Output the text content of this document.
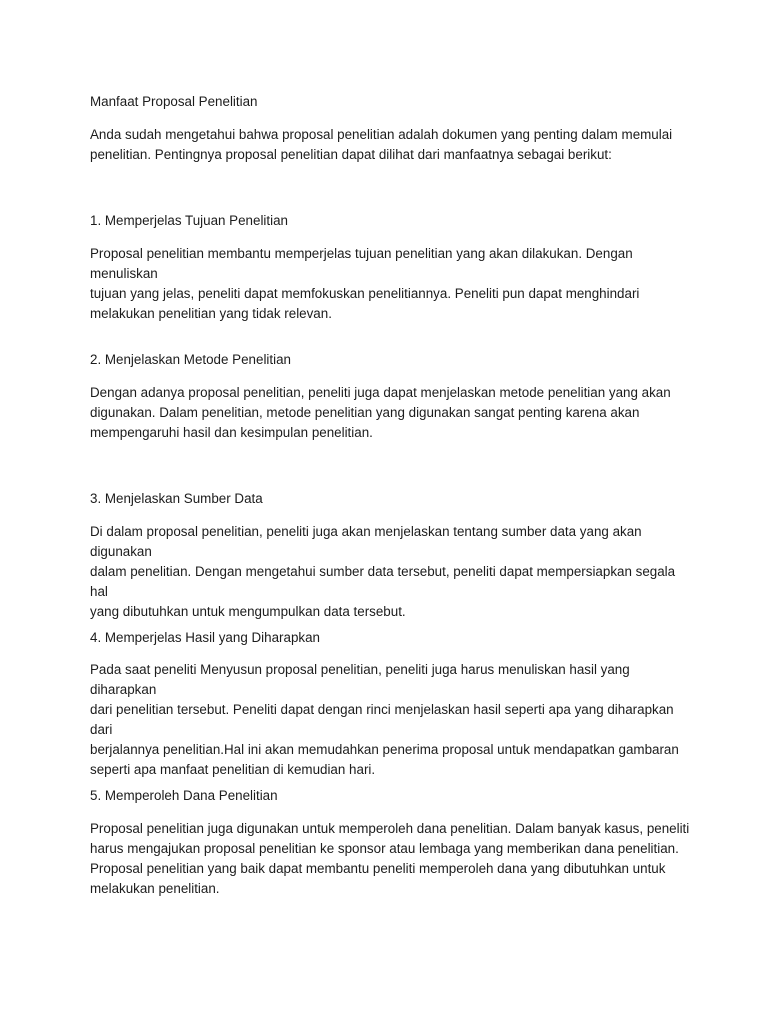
Manfaat Proposal Penelitian

Anda sudah mengetahui bahwa proposal penelitian adalah dokumen yang penting dalam memulai
penelitian. Pentingnya proposal penelitian dapat dilihat dari manfaatnya sebagai berikut:

1. Memperjelas Tujuan Penelitian

Proposal penelitian membantu memperjelas tujuan penelitian yang akan dilakukan. Dengan menuliskan
tujuan yang jelas, peneliti dapat memfokuskan penelitiannya. Peneliti pun dapat menghindari
melakukan penelitian yang tidak relevan.

2. Menjelaskan Metode Penelitian

Dengan adanya proposal penelitian, peneliti juga dapat menjelaskan metode penelitian yang akan
digunakan. Dalam penelitian, metode penelitian yang digunakan sangat penting karena akan
mempengaruhi hasil dan kesimpulan penelitian.

3. Menjelaskan Sumber Data

Di dalam proposal penelitian, peneliti juga akan menjelaskan tentang sumber data yang akan digunakan
dalam penelitian. Dengan mengetahui sumber data tersebut, peneliti dapat mempersiapkan segala hal
yang dibutuhkan untuk mengumpulkan data tersebut.

4. Memperjelas Hasil yang Diharapkan

Pada saat peneliti Menyusun proposal penelitian, peneliti juga harus menuliskan hasil yang diharapkan
dari penelitian tersebut. Peneliti dapat dengan rinci menjelaskan hasil seperti apa yang diharapkan dari
berjalannya penelitian.Hal ini akan memudahkan penerima proposal untuk mendapatkan gambaran
seperti apa manfaat penelitian di kemudian hari.

5. Memperoleh Dana Penelitian

Proposal penelitian juga digunakan untuk memperoleh dana penelitian. Dalam banyak kasus, peneliti
harus mengajukan proposal penelitian ke sponsor atau lembaga yang memberikan dana penelitian.
Proposal penelitian yang baik dapat membantu peneliti memperoleh dana yang dibutuhkan untuk
melakukan penelitian.
